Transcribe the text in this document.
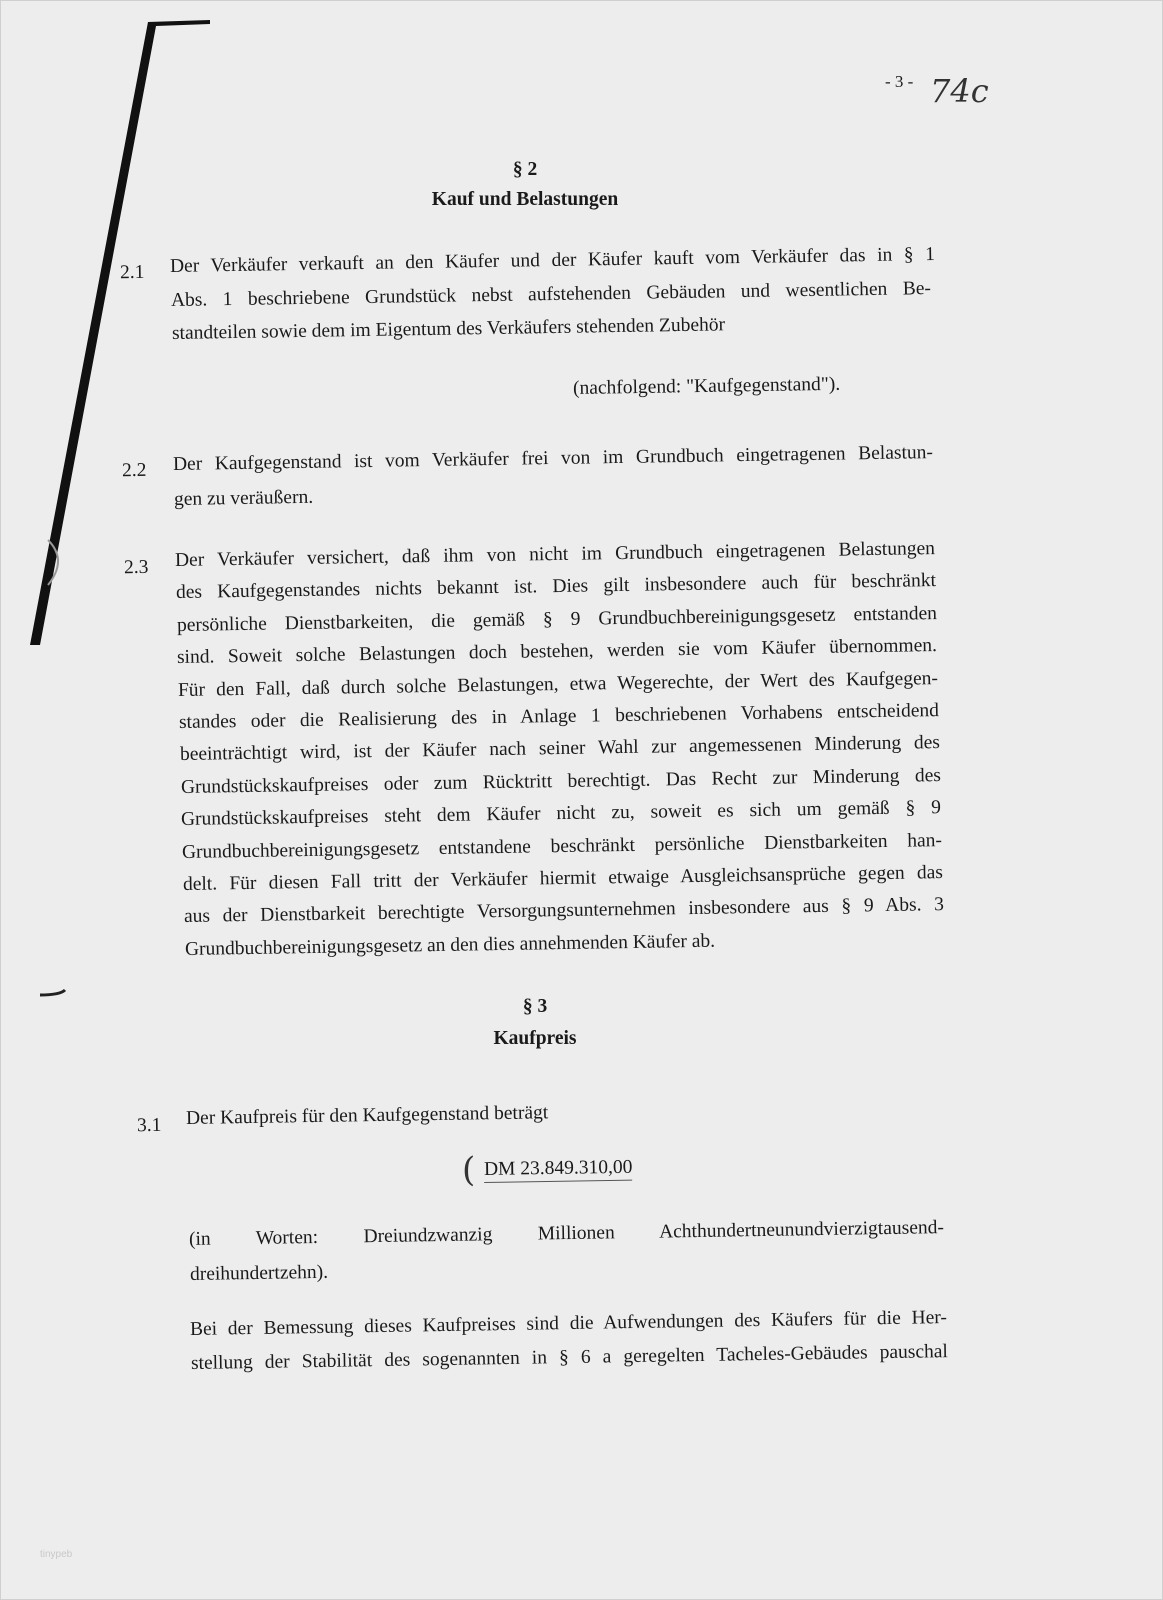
- 3 - 74c
§ 2
Kauf und Belastungen
2.1 Der Verkäufer verkauft an den Käufer und der Käufer kauft vom Verkäufer das in § 1
Abs. 1 beschriebene Grundstück nebst aufstehenden Gebäuden und wesentlichen Be-
standteilen sowie dem im Eigentum des Verkäufers stehenden Zubehör
(nachfolgend: "Kaufgegenstand").
2.2 Der Kaufgegenstand ist vom Verkäufer frei von im Grundbuch eingetragenen Belastun-
gen zu veräußern.
2.3 Der Verkäufer versichert, daß ihm von nicht im Grundbuch eingetragenen Belastungen
des Kaufgegenstandes nichts bekannt ist. Dies gilt insbesondere auch für beschränkt
persönliche Dienstbarkeiten, die gemäß § 9 Grundbuchbereinigungsgesetz entstanden
sind. Soweit solche Belastungen doch bestehen, werden sie vom Käufer übernommen.
Für den Fall, daß durch solche Belastungen, etwa Wegerechte, der Wert des Kaufgegen-
standes oder die Realisierung des in Anlage 1 beschriebenen Vorhabens entscheidend
beeinträchtigt wird, ist der Käufer nach seiner Wahl zur angemessenen Minderung des
Grundstückskaufpreises oder zum Rücktritt berechtigt. Das Recht zur Minderung des
Grundstückskaufpreises steht dem Käufer nicht zu, soweit es sich um gemäß § 9
Grundbuchbereinigungsgesetz entstandene beschränkt persönliche Dienstbarkeiten han-
delt. Für diesen Fall tritt der Verkäufer hiermit etwaige Ausgleichsansprüche gegen das
aus der Dienstbarkeit berechtigte Versorgungsunternehmen insbesondere aus § 9 Abs. 3
Grundbuchbereinigungsgesetz an den dies annehmenden Käufer ab.
§ 3
Kaufpreis
3.1 Der Kaufpreis für den Kaufgegenstand beträgt
( DM 23.849.310,00
(in Worten: Dreiundzwanzig Millionen Achthundertneunundvierzigtausend-
dreihundertzehn).
Bei der Bemessung dieses Kaufpreises sind die Aufwendungen des Käufers für die Her-
stellung der Stabilität des sogenannten in § 6 a geregelten Tacheles-Gebäudes pauschal
tinypeb
